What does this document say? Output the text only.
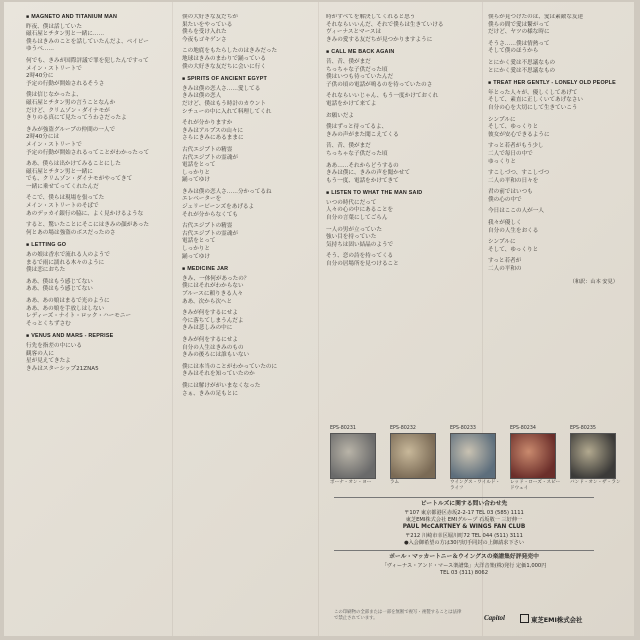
■ MAGNETO AND TITANIUM MAN
昨夜、僕は話していた
磁石屋とチタン男と一緒に……
僕らはきみのことを話していたんだよ、ベイビー
ゆうべ……
何でも、きみが国際評議で罪を犯したんですって
メイン・ストリートで
2時40分に
予定の行動が開始されるそうさ
僕は信じなかったよ、
磁石屋とチタン男の言うことなんか
だけど、クリムゾン・ダイナモが
きりのる真にて見たってうわさだったよ
きみが強盗グループの仲間の一人で
2時40分には
メイン・ストリートで
予定の行動が開始されるってことがわかったって
ああ、僕らは出かけてみることにした
磁石屋とチタン男と一緒に
でも、クリムゾン・ダイナモがやってきて
一緒に乗せてってくれたんだ
そこで、僕らは現場を張ってた
メイン・ストリートのそばで
あのデッカイ銀行の脇に、よく見かけるような
すると、驚いたことにそこにはきみの顔があった
何とあの場は強盗のボスだったのさ
■ LETTING GO
あの娘は香水で流れる人のようで
まるで雨に濡れる木々のように
僕は恋におちた
ああ、僕はもう感じてない
ああ、僕はもう感じてない
ああ、あの娘はまるで光のように
ああ、あの娘を手放しはしない
レディーズ・ナイト・ロック・ハーモニー
そっとくちずさむ
■ VENUS AND MARS - REPRISE
行先を指差の中にいる
観客の人に
星が見えてきたよ
きみはスターシップ21ZNA5
僕の大好きな友だちが
果たいをやっている
僕らを受け入れた
今夜もゴキゲンさ
この地底をもたらしたのはきみだった
地球はきみのまわりで踊っている
僕の大好きな友だちに会いに行く
■ SPIRITS OF ANCIENT EGYPT
きみは僕の恋人さ……愛してる
きみは僕の恋人
だけど、僕はもう時計のカウント
シチューの中に入れて料理してくれ
それが分かりますか
きみはアルプスの山々に
さらにきみにあるままに
古代エジプトの精霊
古代エジプトの霊魂が
電話をとって
しっかりと
踊ってゆけ
きみは僕の恋人さ……分かってるね
エレベーターを
ジェリービーンズをあげるよ
それが分からなくても
古代エジプトの精霊
古代エジプトの霊魂が
電話をとって
しっかりと
踊ってゆけ
■ MEDICINE JAR
きみ、一体何があったの？
僕にはそれがわからない
ブルースに頼りきる人々
ああ、次から次へと
きみが何をするにせよ
今に落ちてしまうんだよ
きみは悲しみの中に
きみが何をするにせよ
自分の人生はきみのもの
きみの後ろには誰もいない
僕には本当のことがわかっていたのに
きみはそれを知っていたのか
僕には解けががいまなくなった
さぁ、きみの足もとに
時がすべてを解決してくれると思う
それならいいんだ、それで僕らは生きていける
ヴィーナスとマースは
きみの愛する友だちが見つかりますように
■ CALL ME BACK AGAIN
昔、昔、僕がまだ
ちっちゃな子供だった頃
僕はいつも待っていたんだ
子供の頃の電話が鳴るのを待っていたのさ
それならいいじゃん、もう一度かけておくれ
電話をかけて来てよ
お願いだよ
僕はずっと待ってるよ、
きみの声がまた聞こえてくる
昔、昔、僕がまだ
ちっちゃな子供だった頃
ああ……それからどうするの
きみは僕に、きみの声を聞かせて
もう一度、電話をかけてきて
■ LISTEN TO WHAT THE MAN SAID
いつの時代にだって
人々の心の中にあることを
自分の言葉にしてごらん
一人の男が立っていた
強い目を持っていた
気持ちは固い結晶のようで
そう、恋の詩を持ってくる
自分の居場所を見つけること
僕らが見つけたのは、愛は素敵な友達
僕らの間で愛は繋がって
だけど、ヤツの様な時に
そうさ……僕は情熱って
そして僕のほうから
とにかく愛は不思議なもの
とにかく愛は不思議なもの
■ TREAT HER GENTLY - LONELY OLD PEOPLE
年とった人々が、優しくしてあげて
そして、素直に正しくいてあげなさい
自分の心を大切にして生きていこう
シンプルに
そして、ゆっくりと
彼女が安心できるように
すっと若者がもう少し
二人で毎日の中で
ゆっくりと
すこしづつ、すこしづつ
二人の平和の日々を
君の前ではいつも
僕の心の中で
今日はここの人が一人
我々が優しく
自分の人生をおくる
シンプルに
そして、ゆっくりと
すっと若者が
二人の平和の
（和訳：山本 安見）
EPS-80231
ボーナ・オン・ヨー
EPS-80232
ラム
EPS-80233
ウイングス・ワイルド・ライフ
EPS-80234
レッド・ローズ・スピードウェイ
EPS-80235
バンド・オン・ザ・ラン
ビートルズに関する問い合わせ先
〒107 東京都港区赤坂2-2-17 TEL 03 (585) 1111
東芝EMI株式会社 EMIグループ 石坂敬一 三好伸一
PAUL McCARTNEY & WINGS FAN CLUB
〒212 川崎市幸区堀川町72 TEL 044 (511) 3111
●入会御希望の方は30円切手同封の上御請求下さい
ポール・マッカートニー＆ウイングスの楽譜集好評発売中
「ヴィーナス・アンド・マース楽譜集」大洋音楽(株)発行 定価1,000円
TEL 03 (311) 8062
この印刷物の全部または一部を無断で複写・複製することは法律で禁止されています。	Capitol	東芝EMI株式会社
